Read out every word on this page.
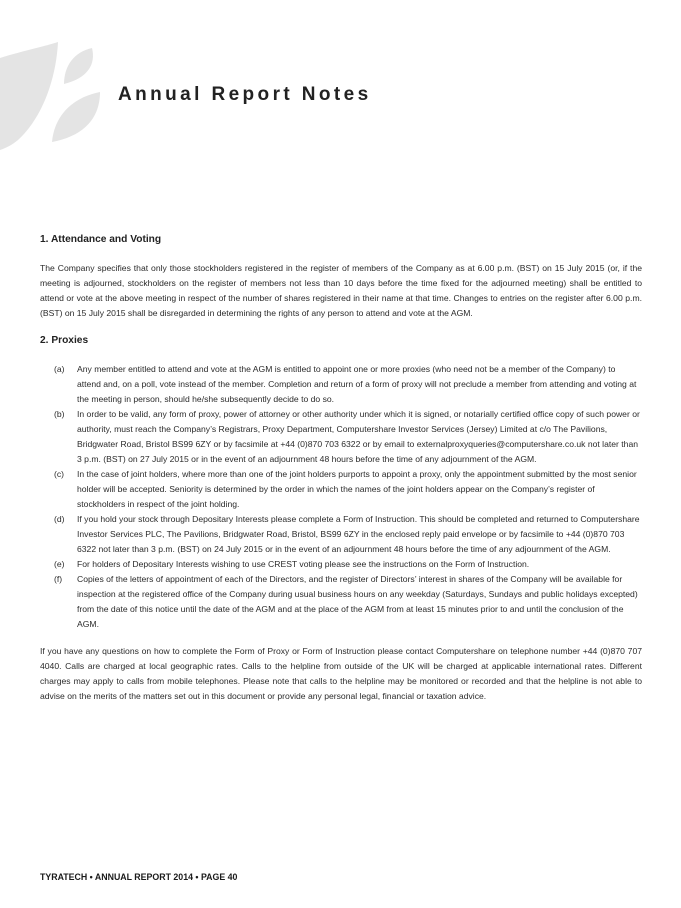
Annual Report Notes
1. Attendance and Voting

The Company specifies that only those stockholders registered in the register of members of the Company as at 6.00 p.m. (BST) on 15 July 2015 (or, if the meeting is adjourned, stockholders on the register of members not less than 10 days before the time fixed for the adjourned meeting) shall be entitled to attend or vote at the above meeting in respect of the number of shares registered in their name at that time. Changes to entries on the register after 6.00 p.m. (BST) on 15 July 2015 shall be disregarded in determining the rights of any person to attend and vote at the AGM.

2. Proxies
(a) Any member entitled to attend and vote at the AGM is entitled to appoint one or more proxies (who need not be a member of the Company) to attend and, on a poll, vote instead of the member. Completion and return of a form of proxy will not preclude a member from attending and voting at the meeting in person, should he/she subsequently decide to do so.
(b) In order to be valid, any form of proxy, power of attorney or other authority under which it is signed, or notarially certified office copy of such power or authority, must reach the Company’s Registrars, Proxy Department, Computershare Investor Services (Jersey) Limited at c/o The Pavilions, Bridgwater Road, Bristol BS99 6ZY or by facsimile at +44 (0)870 703 6322 or by email to externalproxyqueries@computershare.co.uk not later than 3 p.m. (BST) on 27 July 2015 or in the event of an adjournment 48 hours before the time of any adjournment of the AGM.
(c) In the case of joint holders, where more than one of the joint holders purports to appoint a proxy, only the appointment submitted by the most senior holder will be accepted. Seniority is determined by the order in which the names of the joint holders appear on the Company’s register of stockholders in respect of the joint holding.
(d) If you hold your stock through Depositary Interests please complete a Form of Instruction. This should be completed and returned to Computershare Investor Services PLC, The Pavilions, Bridgwater Road, Bristol, BS99 6ZY in the enclosed reply paid envelope or by facsimile to +44 (0)870 703 6322 not later than 3 p.m. (BST) on 24 July 2015 or in the event of an adjournment 48 hours before the time of any adjournment of the AGM.
(e) For holders of Depositary Interests wishing to use CREST voting please see the instructions on the Form of Instruction.
(f) Copies of the letters of appointment of each of the Directors, and the register of Directors’ interest in shares of the Company will be available for inspection at the registered office of the Company during usual business hours on any weekday (Saturdays, Sundays and public holidays excepted) from the date of this notice until the date of the AGM and at the place of the AGM from at least 15 minutes prior to and until the conclusion of the AGM.

If you have any questions on how to complete the Form of Proxy or Form of Instruction please contact Computershare on telephone number +44 (0)870 707 4040. Calls are charged at local geographic rates. Calls to the helpline from outside of the UK will be charged at applicable international rates. Different charges may apply to calls from mobile telephones. Please note that calls to the helpline may be monitored or recorded and that the helpline is not able to advise on the merits of the matters set out in this document or provide any personal legal, financial or taxation advice.

TYRATECH • ANNUAL REPORT 2014 • PAGE 40
